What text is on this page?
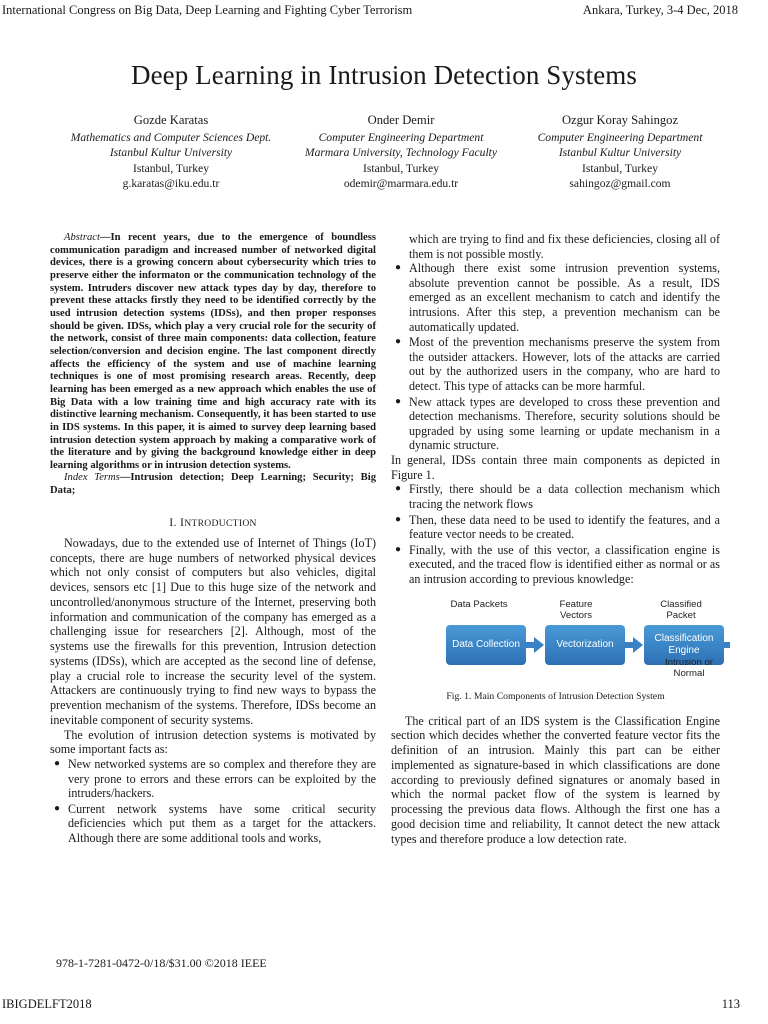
International Congress on Big Data, Deep Learning and Fighting Cyber Terrorism	Ankara, Turkey, 3-4 Dec, 2018
Deep Learning in Intrusion Detection Systems
Gozde Karatas
Mathematics and Computer Sciences Dept.
Istanbul Kultur University
Istanbul, Turkey
g.karatas@iku.edu.tr
Onder Demir
Computer Engineering Department
Marmara University, Technology Faculty
Istanbul, Turkey
odemir@marmara.edu.tr
Ozgur Koray Sahingoz
Computer Engineering Department
Istanbul Kultur University
Istanbul, Turkey
sahingoz@gmail.com
Abstract—In recent years, due to the emergence of boundless communication paradigm and increased number of networked digital devices, there is a growing concern about cybersecurity which tries to preserve either the informaton or the communication technology of the system. Intruders discover new attack types day by day, therefore to prevent these attacks firstly they need to be identified correctly by the used intrusion detection systems (IDSs), and then proper responses should be given. IDSs, which play a very crucial role for the security of the network, consist of three main components: data collection, feature selection/conversion and decision engine. The last component directly affects the efficiency of the system and use of machine learning techniques is one of most promising research areas. Recently, deep learning has been emerged as a new approach which enables the use of Big Data with a low training time and high accuracy rate with its distinctive learning mechanism. Consequently, it has been started to use in IDS systems. In this paper, it is aimed to survey deep learning based intrusion detection system approach by making a comparative work of the literature and by giving the background knowledge either in deep learning algorithms or in intrusion detection systems.
Index Terms—Intrusion detection; Deep Learning; Security; Big Data;
I. INTRODUCTION

Nowadays, due to the extended use of Internet of Things (IoT) concepts, there are huge numbers of networked physical devices which not only consist of computers but also vehicles, digital devices, sensors etc [1] Due to this huge size of the network and uncontrolled/anonymous structure of the Internet, preserving both information and communication of the company has emerged as a challenging issue for researchers [2]. Although, most of the systems use the firewalls for this prevention, Intrusion detection systems (IDSs), which are accepted as the second line of defense, play a crucial role to increase the security level of the system. Attackers are continuously trying to find new ways to bypass the prevention mechanism of the systems. Therefore, IDSs become an inevitable component of security systems.

The evolution of intrusion detection systems is motivated by some important facts as:

● New networked systems are so complex and therefore they are very prone to errors and these errors can be exploited by the intruders/hackers.
● Current network systems have some critical security deficiencies which put them as a target for the attackers. Although there are some additional tools and works,
which are trying to find and fix these deficiencies, closing all of them is not possible mostly.
● Although there exist some intrusion prevention systems, absolute prevention cannot be possible. As a result, IDS emerged as an excellent mechanism to catch and identify the intrusions. After this step, a prevention mechanism can be automatically updated.
● Most of the prevention mechanisms preserve the system from the outsider attackers. However, lots of the attacks are carried out by the authorized users in the company, who are hard to detect. This type of attacks can be more harmful.
● New attack types are developed to cross these prevention and detection mechanisms. Therefore, security solutions should be upgraded by using some learning or update mechanism in a dynamic structure.

In general, IDSs contain three main components as depicted in Figure 1.

● Firstly, there should be a data collection mechanism which tracing the network flows
● Then, these data need to be used to identify the features, and a feature vector needs to be created.
● Finally, with the use of this vector, a classification engine is executed, and the traced flow is identified either as normal or as an intrusion according to previous knowledge:
Data Packets	Feature Vectors
Classified Packet
Data Collection	Vectorization
Classification Engine
Intrusion or Normal
Fig. 1. Main Components of Intrusion Detection System

The critical part of an IDS system is the Classification Engine section which decides whether the converted feature vector fits the definition of an intrusion. Mainly this part can be either implemented as signature-based in which classifications are done according to previously defined signatures or anomaly based in which the normal packet flow of the system is learned by processing the previous data flows. Although the first one has a good decision time and reliability, It cannot detect the new attack types and therefore produce a low detection rate.

978-1-7281-0472-0/18/$31.00 ©2018 IEEE
IBIGDELFT2018	113
